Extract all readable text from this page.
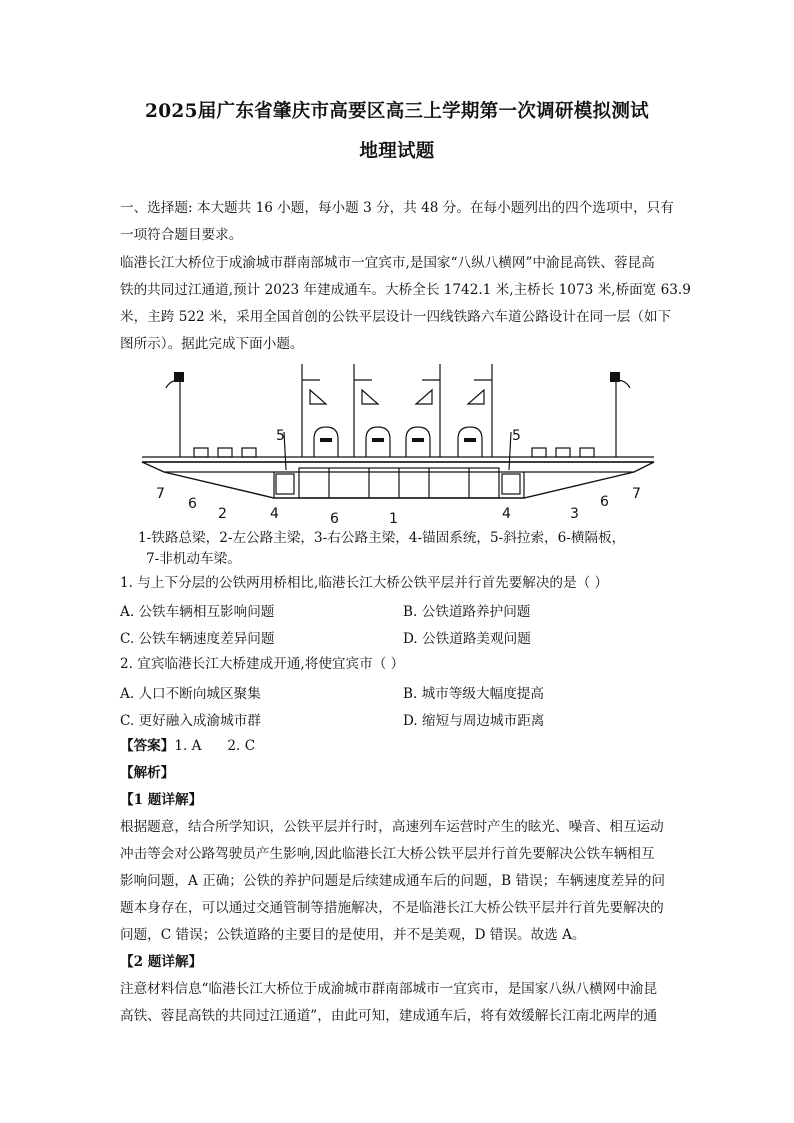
2025届广东省肇庆市高要区高三上学期第一次调研模拟测试
地理试题
一、选择题: 本大题共 16 小题，每小题 3 分，共 48 分。在每小题列出的四个选项中，只有
一项符合题目要求。
临港长江大桥位于成渝城市群南部城市一宜宾市,是国家“八纵八横网”中渝昆高铁、蓉昆高
铁的共同过江通道,预计 2023 年建成通车。大桥全长 1742.1 米,主桥长 1073 米,桥面宽 63.9
米，主跨 522 米，采用全国首创的公铁平层设计一四线铁路六车道公路设计在同一层（如下
图所示）。据此完成下面小题。
7
6
2	4	6	1	4	3
6 7
5	5
1-铁路总梁，2-左公路主梁，3-右公路主梁，4-锚固系统，5-斜拉索，6-横隔板，
7-非机动车梁。
1. 与上下分层的公铁两用桥相比,临港长江大桥公铁平层并行首先要解决的是（ ）
A. 公铁车辆相互影响问题	B. 公铁道路养护问题
C. 公铁车辆速度差异问题	D. 公铁道路美观问题
2. 宜宾临港长江大桥建成开通,将使宜宾市（ ）
A. 人口不断向城区聚集	B. 城市等级大幅度提高
C. 更好融入成渝城市群	D. 缩短与周边城市距离
【答案】1. A      2. C
【解析】
【1 题详解】
根据题意，结合所学知识，公铁平层并行时，高速列车运营时产生的眩光、噪音、相互运动
冲击等会对公路驾驶员产生影响,因此临港长江大桥公铁平层并行首先要解决公铁车辆相互
影响问题，A 正确；公铁的养护问题是后续建成通车后的问题，B 错误；车辆速度差异的问
题本身存在，可以通过交通管制等措施解决，不是临港长江大桥公铁平层并行首先要解决的
问题，C 错误；公铁道路的主要目的是使用，并不是美观，D 错误。故选 A。
【2 题详解】
注意材料信息“临港长江大桥位于成渝城市群南部城市一宜宾市，是国家八纵八横网中渝昆
高铁、蓉昆高铁的共同过江通道”，由此可知，建成通车后，将有效缓解长江南北两岸的通
